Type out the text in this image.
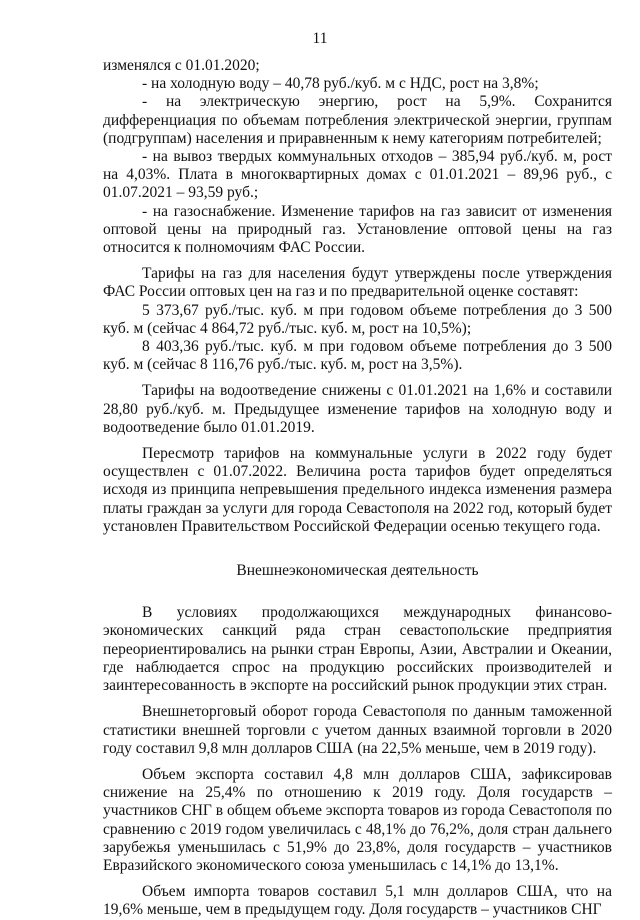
11

изменялся с 01.01.2020;

- на холодную воду – 40,78 руб./куб. м с НДС, рост на 3,8%;

- на электрическую энергию, рост на 5,9%. Сохранится дифференциация по объемам потребления электрической энергии, группам (подгруппам) населения и приравненным к нему категориям потребителей;

- на вывоз твердых коммунальных отходов – 385,94 руб./куб. м, рост на 4,03%. Плата в многоквартирных домах с 01.01.2021 – 89,96 руб., с 01.07.2021 – 93,59 руб.;

- на газоснабжение. Изменение тарифов на газ зависит от изменения оптовой цены на природный газ. Установление оптовой цены на газ относится к полномочиям ФАС России.

Тарифы на газ для населения будут утверждены после утверждения ФАС России оптовых цен на газ и по предварительной оценке составят:

5 373,67 руб./тыс. куб. м при годовом объеме потребления до 3 500 куб. м (сейчас 4 864,72 руб./тыс. куб. м, рост на 10,5%);

8 403,36 руб./тыс. куб. м при годовом объеме потребления до 3 500 куб. м (сейчас 8 116,76 руб./тыс. куб. м, рост на 3,5%).

Тарифы на водоотведение снижены с 01.01.2021 на 1,6% и составили 28,80 руб./куб. м. Предыдущее изменение тарифов на холодную воду и водоотведение было 01.01.2019.

Пересмотр тарифов на коммунальные услуги в 2022 году будет осуществлен с 01.07.2022. Величина роста тарифов будет определяться исходя из принципа непревышения предельного индекса изменения размера платы граждан за услуги для города Севастополя на 2022 год, который будет установлен Правительством Российской Федерации осенью текущего года.

Внешнеэкономическая деятельность

В условиях продолжающихся международных финансово-экономических санкций ряда стран севастопольские предприятия переориентировались на рынки стран Европы, Азии, Австралии и Океании, где наблюдается спрос на продукцию российских производителей и заинтересованность в экспорте на российский рынок продукции этих стран.

Внешнеторговый оборот города Севастополя по данным таможенной статистики внешней торговли с учетом данных взаимной торговли в 2020 году составил 9,8 млн долларов США (на 22,5% меньше, чем в 2019 году).

Объем экспорта составил 4,8 млн долларов США, зафиксировав снижение на 25,4% по отношению к 2019 году. Доля государств – участников СНГ в общем объеме экспорта товаров из города Севастополя по сравнению с 2019 годом увеличилась с 48,1% до 76,2%, доля стран дальнего зарубежья уменьшилась с 51,9% до 23,8%, доля государств – участников Евразийского экономического союза уменьшилась с 14,1% до 13,1%.

Объем импорта товаров составил 5,1 млн долларов США, что на 19,6% меньше, чем в предыдущем году. Доля государств – участников СНГ
